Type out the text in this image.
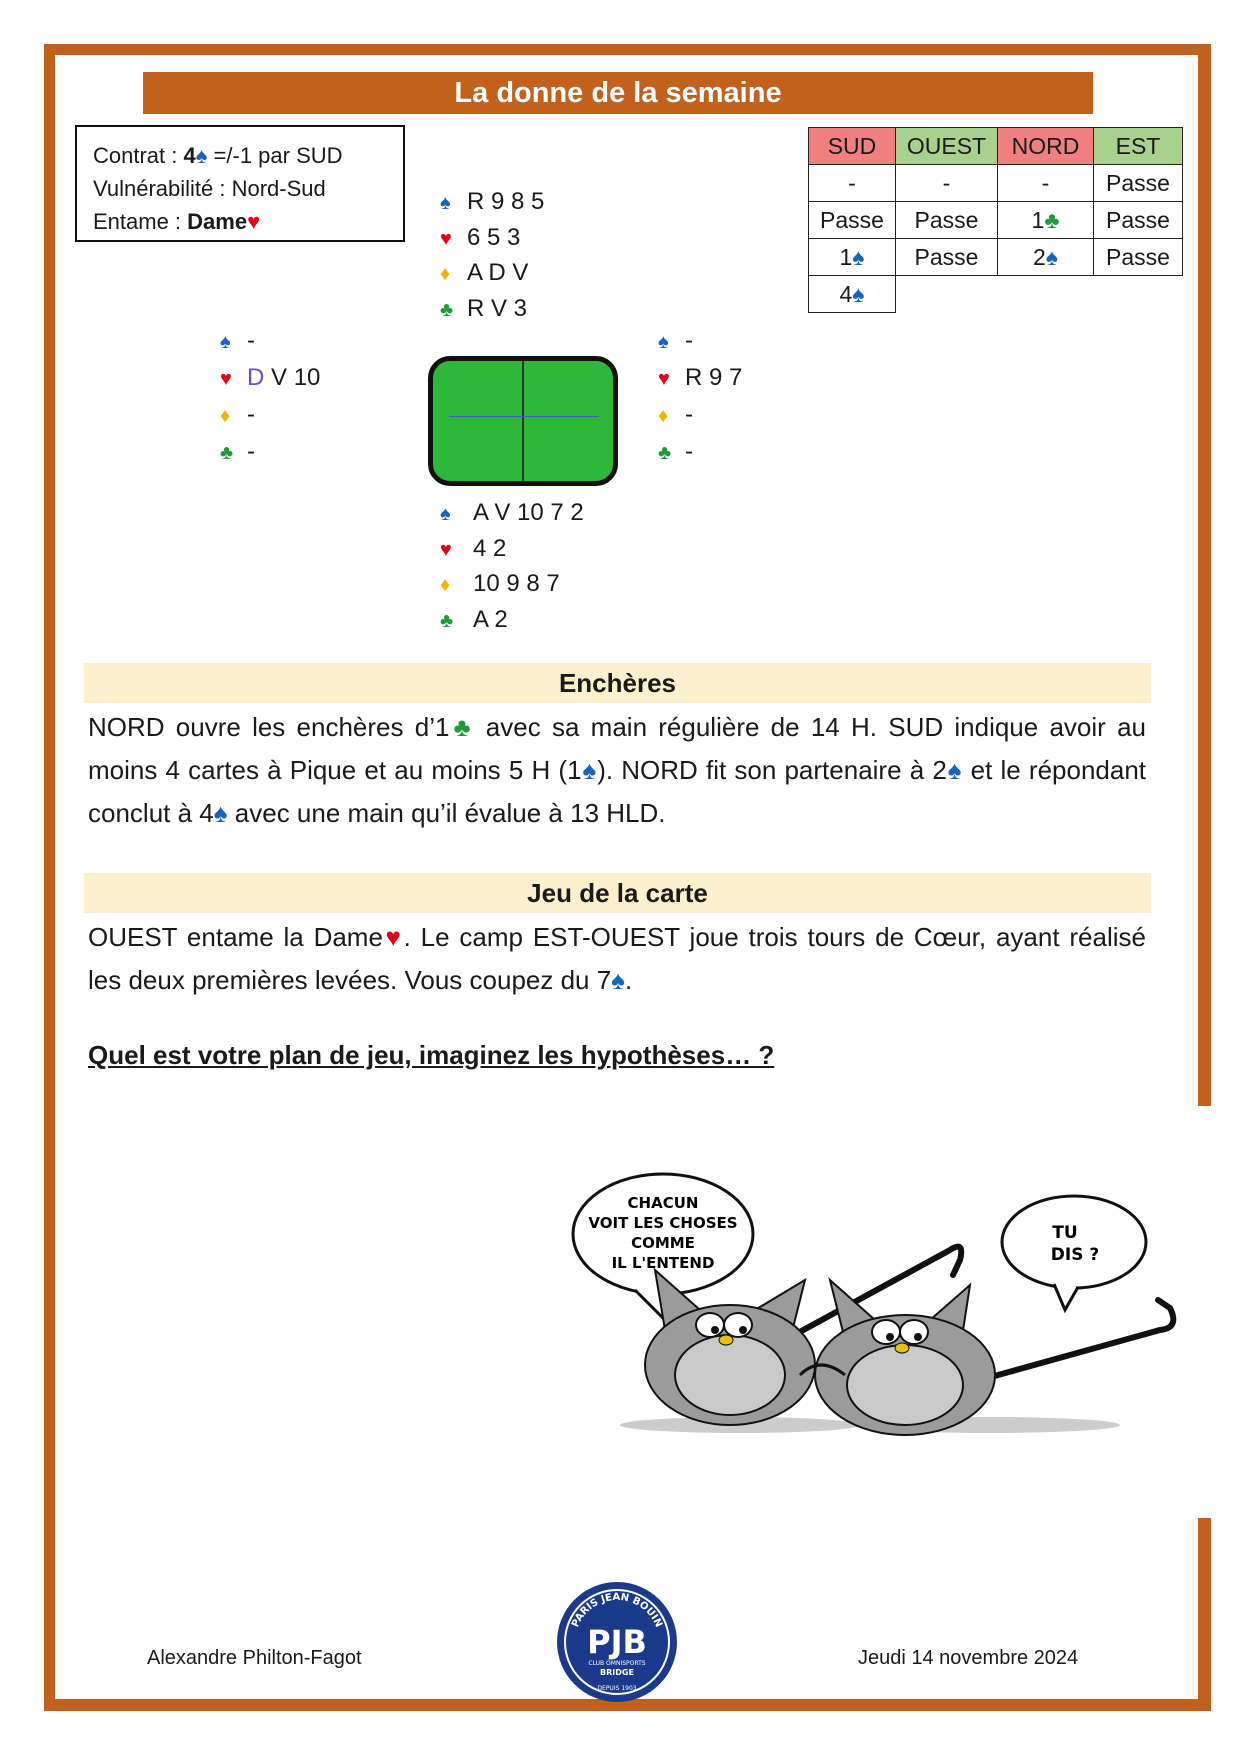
La donne de la semaine
Contrat : 4♠ =/-1 par SUD
Vulnérabilité : Nord-Sud
Entame : Dame♥
♠ R 9 8 5
♥ 6 5 3
♦ A D V
♣ R V 3
♠ -
♥ D V 10
♦ -
♣ -
♠ -
♥ R 9 7
♦ -
♣ -
♠ A V 10 7 2
♥ 4 2
♦ 10 9 8 7
♣ A 2
SUD	OUEST	NORD	EST
-	-	-	Passe
Passe	Passe	1♣	Passe
1♠	Passe	2♠	Passe
4♠			
Enchères
NORD ouvre les enchères d’1♣ avec sa main régulière de 14 H. SUD indique avoir au moins 4 cartes à Pique et au moins 5 H (1♠). NORD fit son partenaire à 2♠ et le répondant conclut à 4♠ avec une main qu’il évalue à 13 HLD.
Jeu de la carte
OUEST entame la Dame♥. Le camp EST-OUEST joue trois tours de Cœur, ayant réalisé les deux premières levées. Vous coupez du 7♠.
Quel est votre plan de jeu, imaginez les hypothèses… ?
CHACUN
VOIT LES CHOSES
COMME
IL L'ENTEND
TU
DIS ?
Alexandre Philton-Fagot	Jeudi 14 novembre 2024
PARIS JEAN BOUIN
PJB
CLUB OMNISPORTS
BRIDGE
DEPUIS 1903
